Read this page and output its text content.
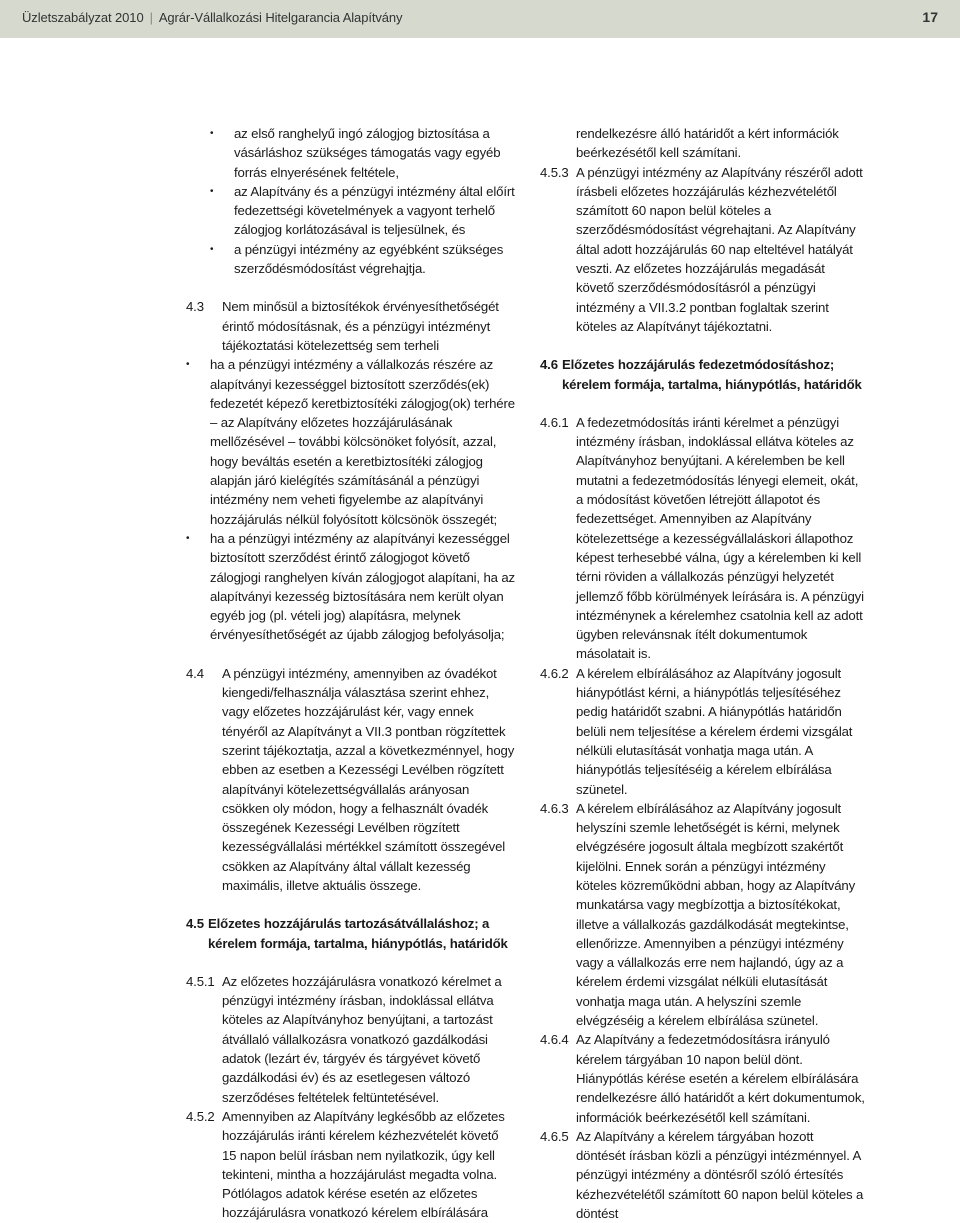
Üzletszabályzat 2010 | Agrár-Vállalkozási Hitelgarancia Alapítvány	17
• az első ranghelyű ingó zálogjog biztosítása a vásárláshoz szükséges támogatás vagy egyéb forrás elnyerésének feltétele,
• az Alapítvány és a pénzügyi intézmény által előírt fedezettségi követelmények a vagyont terhelő zálogjog korlátozásával is teljesülnek, és
• a pénzügyi intézmény az egyébként szükséges szerződésmódosítást végrehajtja.
4.3 Nem minősül a biztosítékok érvényesíthetőségét érintő módosításnak, és a pénzügyi intézményt tájékoztatási kötelezettség sem terheli

• ha a pénzügyi intézmény a vállalkozás részére az alapítványi kezességgel biztosított szerződés(ek) fedezetét képező keretbiztosítéki zálogjog(ok) terhére – az Alapítvány előzetes hozzájárulásának mellőzésével – további kölcsönöket folyósít, azzal, hogy beváltás esetén a keretbiztosítéki zálogjog alapján járó kielégítés számításánál a pénzügyi intézmény nem veheti figyelembe az alapítványi hozzájárulás nélkül folyósított kölcsönök összegét;
• ha a pénzügyi intézmény az alapítványi kezességgel biztosított szerződést érintő zálogjogot követő zálogjogi ranghelyen kíván zálogjogot alapítani, ha az alapítványi kezesség biztosítására nem került olyan egyéb jog (pl. vételi jog) alapításra, melynek érvényesíthetőségét az újabb zálogjog befolyásolja;
4.4 A pénzügyi intézmény, amennyiben az óvadékot kiengedi/felhasználja választása szerint ehhez, vagy előzetes hozzájárulást kér, vagy ennek tényéről az Alapítványt a VII.3 pontban rögzítettek szerint tájékoztatja, azzal a következménnyel, hogy ebben az esetben a Kezességi Levélben rögzített alapítványi kötelezettségvállalás arányosan csökken oly módon, hogy a felhasznált óvadék összegének Kezességi Levélben rögzített kezességvállalási mértékkel számított összegével csökken az Alapítvány által vállalt kezesség maximális, illetve aktuális összege.

4.5 Előzetes hozzájárulás tartozásátvállaláshoz; a
kérelem formája, tartalma, hiánypótlás, határidők
4.5.1 Az előzetes hozzájárulásra vonatkozó kérelmet a pénzügyi intézmény írásban, indoklással ellátva köteles az Alapítványhoz benyújtani, a tartozást átvállaló vállalkozásra vonatkozó gazdálkodási adatok (lezárt év, tárgyév és tárgyévet követő gazdálkodási év) és az esetlegesen változó szerződéses feltételek feltüntetésével.

4.5.2 Amennyiben az Alapítvány legkésőbb az előzetes hozzájárulás iránti kérelem kézhezvételét követő 15 napon belül írásban nem nyilatkozik, úgy kell tekinteni, mintha a hozzájárulást megadta volna. Pótlólagos adatok kérése esetén az előzetes hozzájárulásra vonatkozó kérelem elbírálására

rendelkezésre álló határidőt a kért információk beérkezésétől kell számítani.

4.5.3 A pénzügyi intézmény az Alapítvány részéről adott írásbeli előzetes hozzájárulás kézhezvételétől számított 60 napon belül köteles a szerződésmódosítást végrehajtani. Az Alapítvány által adott hozzájárulás 60 nap elteltével hatályát veszti. Az előzetes hozzájárulás megadását követő szerződésmódosításról a pénzügyi intézmény a VII.3.2 pontban foglaltak szerint köteles az Alapítványt tájékoztatni.

4.6 Előzetes hozzájárulás fedezetmódosításhoz;
kérelem formája, tartalma, hiánypótlás, határidők
4.6.1 A fedezetmódosítás iránti kérelmet a pénzügyi intézmény írásban, indoklással ellátva köteles az Alapítványhoz benyújtani. A kérelemben be kell mutatni a fedezetmódosítás lényegi elemeit, okát, a módosítást követően létrejött állapotot és fedezettséget. Amennyiben az Alapítvány kötelezettsége a kezességvállaláskori állapothoz képest terhesebbé válna, úgy a kérelemben ki kell térni röviden a vállalkozás pénzügyi helyzetét jellemző főbb körülmények leírására is. A pénzügyi intézménynek a kérelemhez csatolnia kell az adott ügyben relevánsnak ítélt dokumentumok másolatait is.

4.6.2 A kérelem elbírálásához az Alapítvány jogosult hiánypótlást kérni, a hiánypótlás teljesítéséhez pedig határidőt szabni. A hiánypótlás határidőn belüli nem teljesítése a kérelem érdemi vizsgálat nélküli elutasítását vonhatja maga után. A hiánypótlás teljesítéséig a kérelem elbírálása szünetel.

4.6.3 A kérelem elbírálásához az Alapítvány jogosult helyszíni szemle lehetőségét is kérni, melynek elvégzésére jogosult általa megbízott szakértőt kijelölni. Ennek során a pénzügyi intézmény köteles közreműködni abban, hogy az Alapítvány munkatársa vagy megbízottja a biztosítékokat, illetve a vállalkozás gazdálkodását megtekintse, ellenőrizze. Amennyiben a pénzügyi intézmény vagy a vállalkozás erre nem hajlandó, úgy az a kérelem érdemi vizsgálat nélküli elutasítását vonhatja maga után. A helyszíni szemle elvégzéséig a kérelem elbírálása szünetel.

4.6.4 Az Alapítvány a fedezetmódosításra irányuló kérelem tárgyában 10 napon belül dönt. Hiánypótlás kérése esetén a kérelem elbírálására rendelkezésre álló határidőt a kért dokumentumok, információk beérkezésétől kell számítani.

4.6.5 Az Alapítvány a kérelem tárgyában hozott döntését írásban közli a pénzügyi intézménnyel. A pénzügyi intézmény a döntésről szóló értesítés kézhezvételétől számított 60 napon belül köteles a döntést
